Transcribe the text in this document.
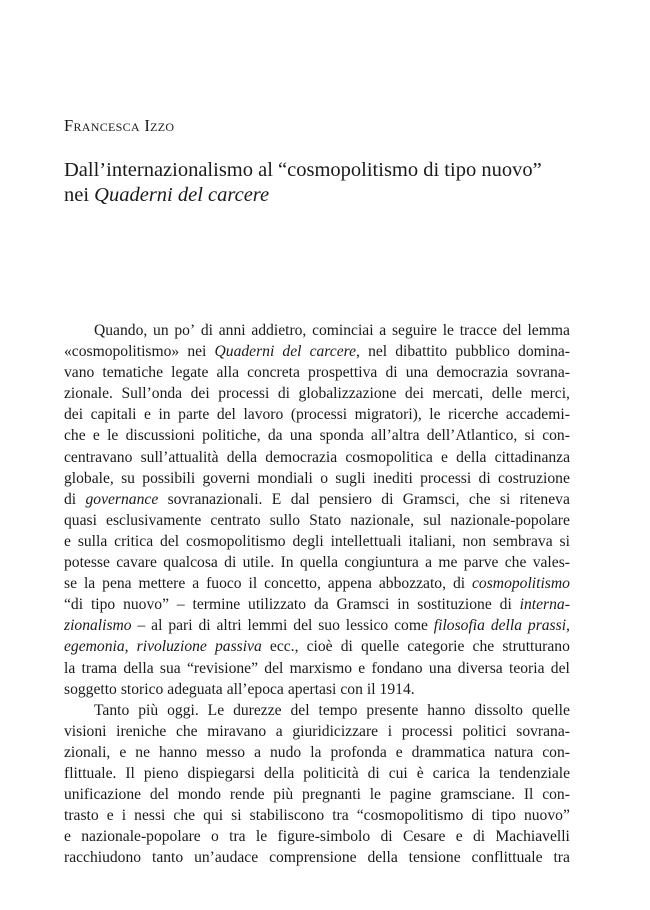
Francesca Izzo

Dall’internazionalismo al “cosmopolitismo di tipo nuovo”
nei Quaderni del carcere
Quando, un po’ di anni addietro, cominciai a seguire le tracce del lemma
«cosmopolitismo» nei Quaderni del carcere, nel dibattito pubblico domina-
vano tematiche legate alla concreta prospettiva di una democrazia sovrana-
zionale. Sull’onda dei processi di globalizzazione dei mercati, delle merci,
dei capitali e in parte del lavoro (processi migratori), le ricerche accademi-
che e le discussioni politiche, da una sponda all’altra dell’Atlantico, si con-
centravano sull’attualità della democrazia cosmopolitica e della cittadinanza
globale, su possibili governi mondiali o sugli inediti processi di costruzione
di governance sovranazionali. E dal pensiero di Gramsci, che si riteneva
quasi esclusivamente centrato sullo Stato nazionale, sul nazionale-popolare
e sulla critica del cosmopolitismo degli intellettuali italiani, non sembrava si
potesse cavare qualcosa di utile. In quella congiuntura a me parve che vales-
se la pena mettere a fuoco il concetto, appena abbozzato, di cosmopolitismo
“di tipo nuovo” – termine utilizzato da Gramsci in sostituzione di interna-
zionalismo – al pari di altri lemmi del suo lessico come filosofia della prassi,
egemonia, rivoluzione passiva ecc., cioè di quelle categorie che strutturano
la trama della sua “revisione” del marxismo e fondano una diversa teoria del
soggetto storico adeguata all’epoca apertasi con il 1914.
Tanto più oggi. Le durezze del tempo presente hanno dissolto quelle
visioni ireniche che miravano a giuridicizzare i processi politici sovrana-
zionali, e ne hanno messo a nudo la profonda e drammatica natura con-
flittuale. Il pieno dispiegarsi della politicità di cui è carica la tendenziale
unificazione del mondo rende più pregnanti le pagine gramsciane. Il con-
trasto e i nessi che qui si stabiliscono tra “cosmopolitismo di tipo nuovo”
e nazionale-popolare o tra le figure-simbolo di Cesare e di Machiavelli
racchiudono tanto un’audace comprensione della tensione conflittuale tra
